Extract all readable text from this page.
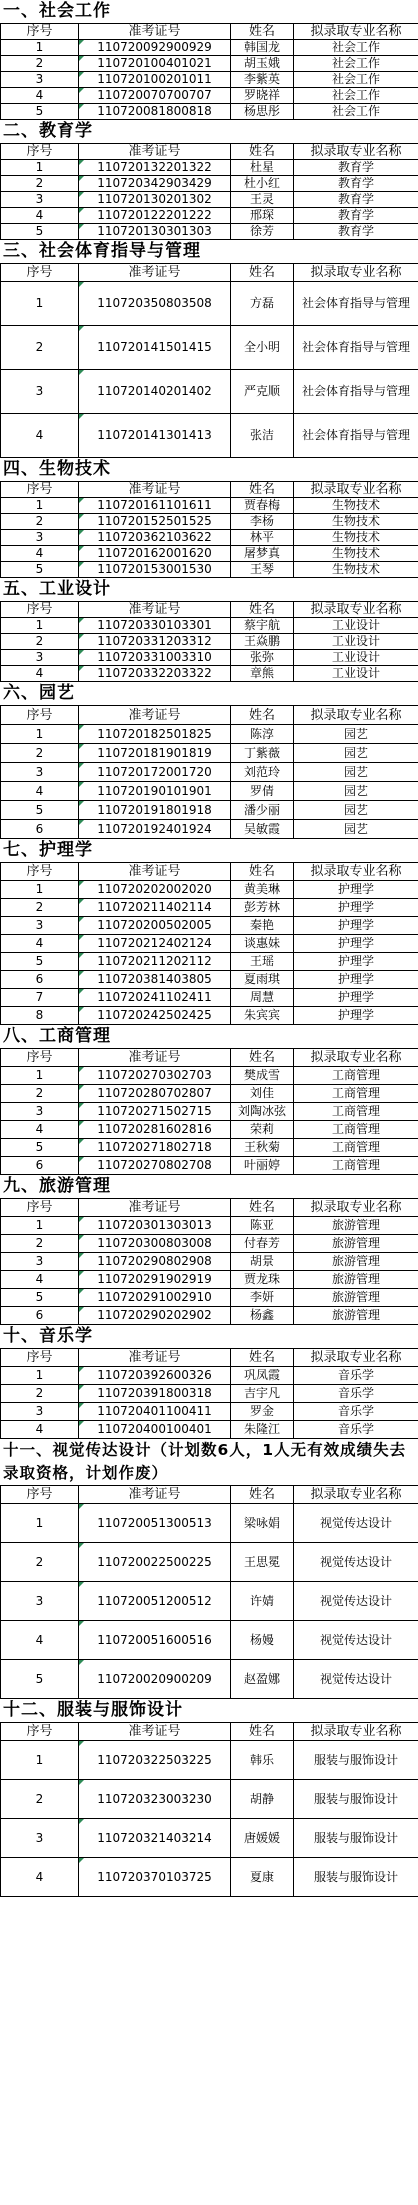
一、社会工作
序号	准考证号	姓名	拟录取专业名称
1	110720092900929	韩国龙	社会工作
2	110720100401021	胡玉娥	社会工作
3	110720100201011	李紫英	社会工作
4	110720070700707	罗晓祥	社会工作
5	110720081800818	杨思彤	社会工作
二、教育学
序号	准考证号	姓名	拟录取专业名称
1	110720132201322	杜星	教育学
2	110720342903429	杜小红	教育学
3	110720130201302	王灵	教育学
4	110720122201222	邢琛	教育学
5	110720130301303	徐芳	教育学
三、社会体育指导与管理
序号	准考证号	姓名	拟录取专业名称
1	110720350803508	方磊	社会体育指导与管理
2	110720141501415	全小明	社会体育指导与管理
3	110720140201402	严克顺	社会体育指导与管理
4	110720141301413	张洁	社会体育指导与管理
四、生物技术
序号	准考证号	姓名	拟录取专业名称
1	110720161101611	贾春梅	生物技术
2	110720152501525	李杨	生物技术
3	110720362103622	林平	生物技术
4	110720162001620	屠梦真	生物技术
5	110720153001530	王琴	生物技术
五、工业设计
序号	准考证号	姓名	拟录取专业名称
1	110720330103301	蔡宇航	工业设计
2	110720331203312	王焱鹏	工业设计
3	110720331003310	张弥	工业设计
4	110720332203322	章熊	工业设计
六、园艺
序号	准考证号	姓名	拟录取专业名称
1	110720182501825	陈淳	园艺
2	110720181901819	丁紫薇	园艺
3	110720172001720	刘范玲	园艺
4	110720190101901	罗倩	园艺
5	110720191801918	潘少丽	园艺
6	110720192401924	吴敏霞	园艺
七、护理学
序号	准考证号	姓名	拟录取专业名称
1	110720202002020	黄美琳	护理学
2	110720211402114	彭芳林	护理学
3	110720200502005	秦艳	护理学
4	110720212402124	谈惠妹	护理学
5	110720211202112	王瑶	护理学
6	110720381403805	夏雨琪	护理学
7	110720241102411	周慧	护理学
8	110720242502425	朱宾宾	护理学
八、工商管理
序号	准考证号	姓名	拟录取专业名称
1	110720270302703	樊成雪	工商管理
2	110720280702807	刘佳	工商管理
3	110720271502715	刘陶冰弦	工商管理
4	110720281602816	荣莉	工商管理
5	110720271802718	王秋菊	工商管理
6	110720270802708	叶丽婷	工商管理
九、旅游管理
序号	准考证号	姓名	拟录取专业名称
1	110720301303013	陈亚	旅游管理
2	110720300803008	付春芳	旅游管理
3	110720290802908	胡景	旅游管理
4	110720291902919	贾龙珠	旅游管理
5	110720291002910	李妍	旅游管理
6	110720290202902	杨鑫	旅游管理
十、音乐学
序号	准考证号	姓名	拟录取专业名称
1	110720392600326	巩凤霞	音乐学
2	110720391800318	吉宇凡	音乐学
3	110720401100411	罗金	音乐学
4	110720400100401	朱隆江	音乐学
十一、视觉传达设计（计划数6人，1人无有效成绩失去录取资格，计划作废）
序号	准考证号	姓名	拟录取专业名称
1	110720051300513	梁咏娟	视觉传达设计
2	110720022500225	王思冕	视觉传达设计
3	110720051200512	许婧	视觉传达设计
4	110720051600516	杨嫚	视觉传达设计
5	110720020900209	赵盈娜	视觉传达设计
十二、服装与服饰设计
序号	准考证号	姓名	拟录取专业名称
1	110720322503225	韩乐	服装与服饰设计
2	110720323003230	胡静	服装与服饰设计
3	110720321403214	唐媛媛	服装与服饰设计
4	110720370103725	夏康	服装与服饰设计
